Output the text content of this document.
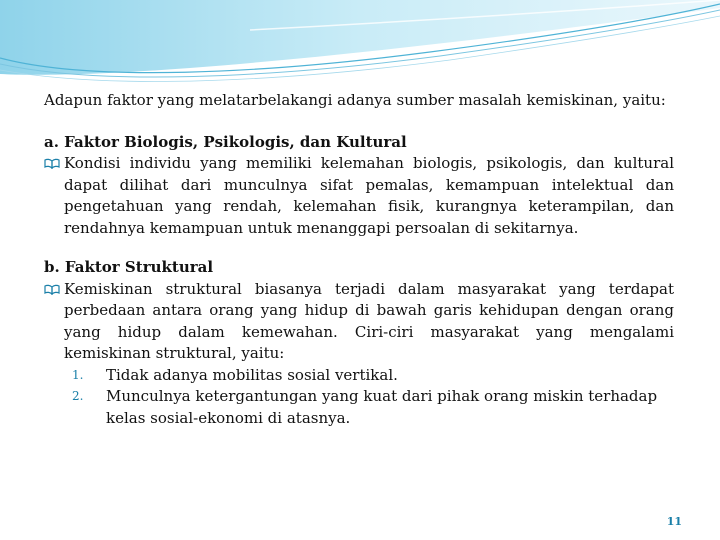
Adapun faktor yang melatarbelakangi adanya sumber masalah kemiskinan, yaitu:

a. Faktor Biologis, Psikologis, dan Kultural

Kondisi individu yang memiliki kelemahan biologis, psikologis, dan kultural dapat dilihat dari munculnya sifat pemalas, kemampuan intelektual dan pengetahuan yang rendah, kelemahan fisik, kurangnya keterampilan, dan rendahnya kemampuan untuk menanggapi persoalan di sekitarnya.

b. Faktor Struktural

Kemiskinan struktural biasanya terjadi dalam masyarakat yang terdapat perbedaan antara orang yang hidup di bawah garis kehidupan dengan orang yang hidup dalam kemewahan. Ciri-ciri masyarakat yang mengalami kemiskinan struktural, yaitu:
1.	Tidak adanya mobilitas sosial vertikal.
2.	Munculnya ketergantungan yang kuat dari pihak orang miskin terhadap kelas sosial-ekonomi di atasnya.
11
